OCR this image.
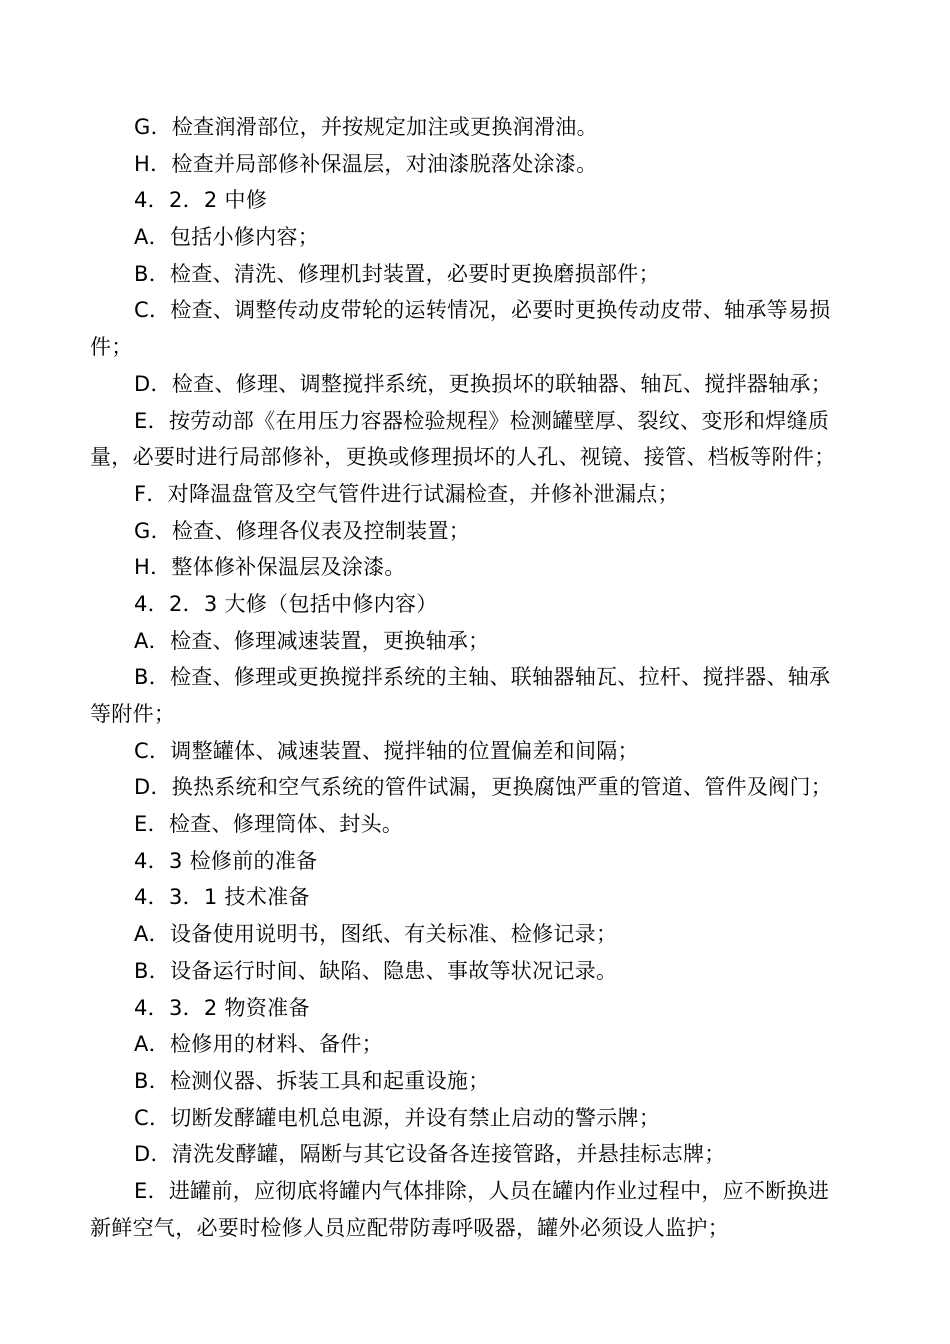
G．检查润滑部位，并按规定加注或更换润滑油。
H．检查并局部修补保温层，对油漆脱落处涂漆。
4．2．2 中修
A．包括小修内容；
B．检查、清洗、修理机封装置，必要时更换磨损部件；
C．检查、调整传动皮带轮的运转情况，必要时更换传动皮带、轴承等易损
件；
D．检查、修理、调整搅拌系统，更换损坏的联轴器、轴瓦、搅拌器轴承；
E．按劳动部《在用压力容器检验规程》检测罐壁厚、裂纹、变形和焊缝质
量，必要时进行局部修补，更换或修理损坏的人孔、视镜、接管、档板等附件；
F．对降温盘管及空气管件进行试漏检查，并修补泄漏点；
G．检查、修理各仪表及控制装置；
H．整体修补保温层及涂漆。
4．2．3 大修（包括中修内容）
A．检查、修理减速装置，更换轴承；
B．检查、修理或更换搅拌系统的主轴、联轴器轴瓦、拉杆、搅拌器、轴承
等附件；
C．调整罐体、减速装置、搅拌轴的位置偏差和间隔；
D．换热系统和空气系统的管件试漏，更换腐蚀严重的管道、管件及阀门；
E．检查、修理筒体、封头。
4．3 检修前的准备
4．3．1 技术准备
A．设备使用说明书，图纸、有关标准、检修记录；
B．设备运行时间、缺陷、隐患、事故等状况记录。
4．3．2 物资准备
A．检修用的材料、备件；
B．检测仪器、拆装工具和起重设施；
C．切断发酵罐电机总电源，并设有禁止启动的警示牌；
D．清洗发酵罐，隔断与其它设备各连接管路，并悬挂标志牌；
E．进罐前，应彻底将罐内气体排除，人员在罐内作业过程中，应不断换进
新鲜空气，必要时检修人员应配带防毒呼吸器，罐外必须设人监护；
